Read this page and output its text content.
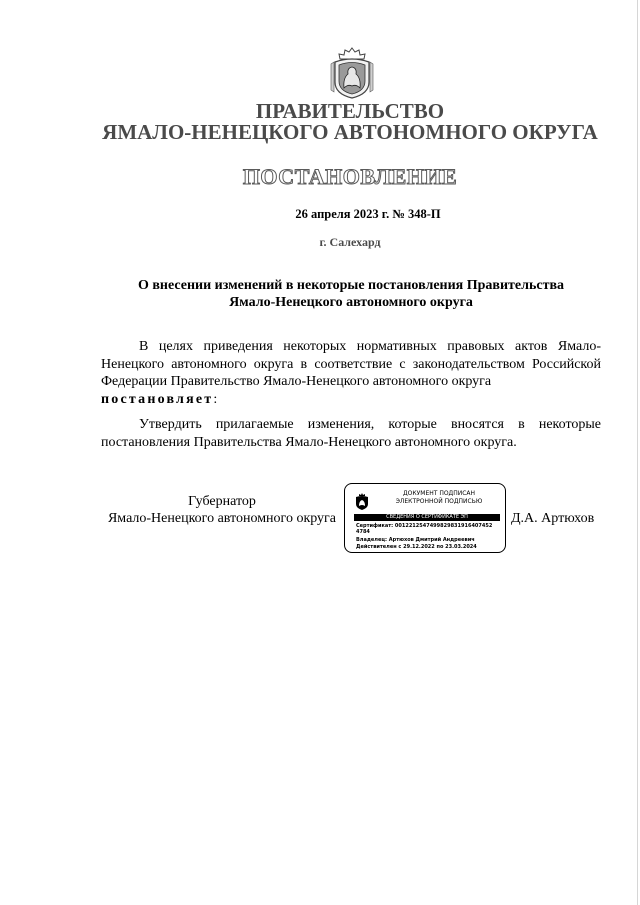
ПРАВИТЕЛЬСТВО
ЯМАЛО-НЕНЕЦКОГО АВТОНОМНОГО ОКРУГА
ПОСТАНОВЛЕНИЕ
26 апреля 2023 г. № 348-П
г. Салехард
О внесении изменений в некоторые постановления Правительства
Ямало-Ненецкого автономного округа
В целях приведения некоторых нормативных правовых актов Ямало-Ненецкого автономного округа в соответствие с законодательством Российской Федерации Правительство Ямало-Ненецкого автономного округа
постановляет:
Утвердить прилагаемые изменения, которые вносятся в некоторые постановления Правительства Ямало-Ненецкого автономного округа.
Губернатор
Ямало-Ненецкого автономного округа
ДОКУМЕНТ ПОДПИСАН
ЭЛЕКТРОННОЙ ПОДПИСЬЮ
СВЕДЕНИЯ О СЕРТИФИКАТЕ ЭП
Сертификат: 0012212547499829831916407452
4784
Владелец: Артюхов Дмитрий Андреевич
Действителен с 29.12.2022 по 23.03.2024
Д.А. Артюхов
